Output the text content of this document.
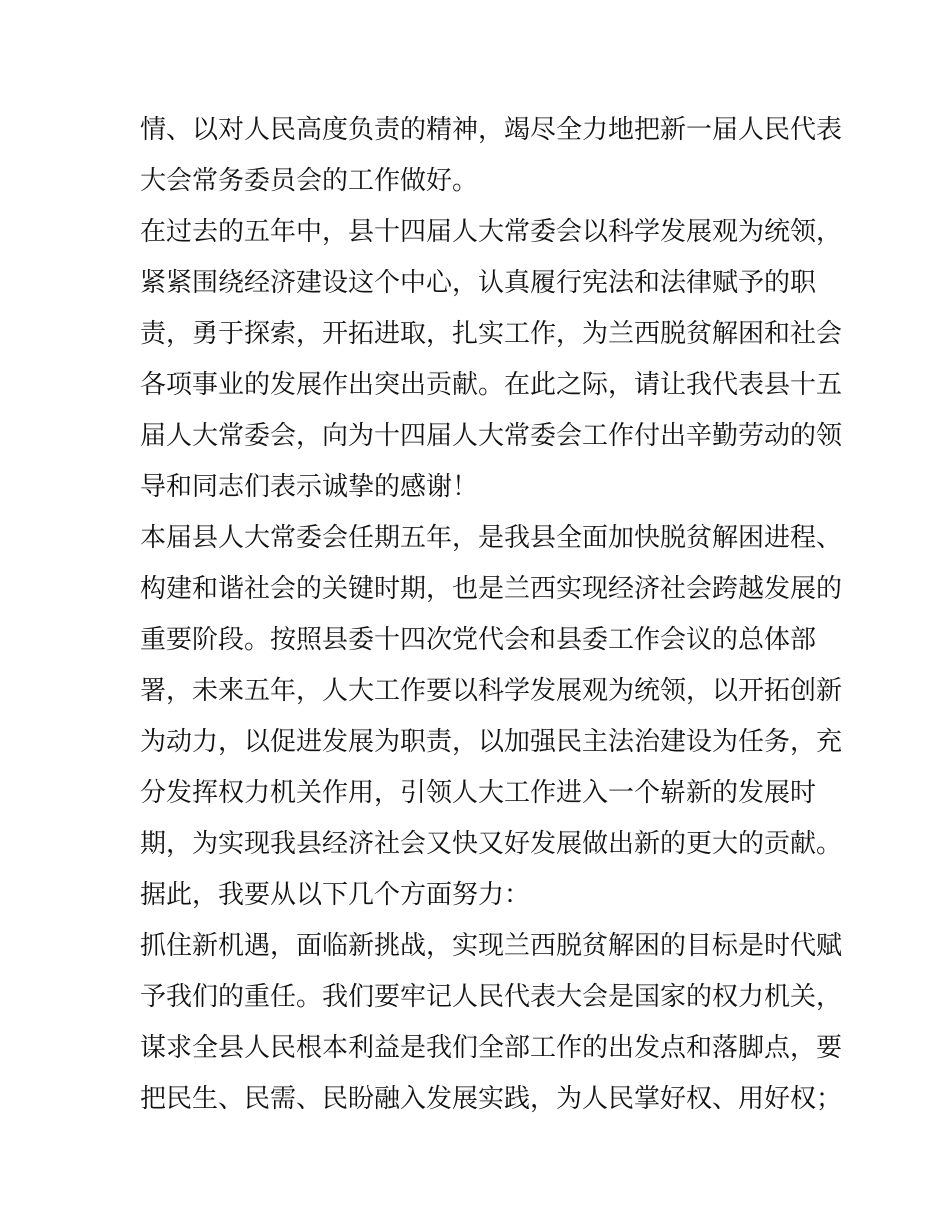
情、以对人民高度负责的精神，竭尽全力地把新一届人民代表
大会常务委员会的工作做好。
在过去的五年中，县十四届人大常委会以科学发展观为统领，
紧紧围绕经济建设这个中心，认真履行宪法和法律赋予的职
责，勇于探索，开拓进取，扎实工作，为兰西脱贫解困和社会
各项事业的发展作出突出贡献。在此之际，请让我代表县十五
届人大常委会，向为十四届人大常委会工作付出辛勤劳动的领
导和同志们表示诚挚的感谢！
本届县人大常委会任期五年，是我县全面加快脱贫解困进程、
构建和谐社会的关键时期，也是兰西实现经济社会跨越发展的
重要阶段。按照县委十四次党代会和县委工作会议的总体部
署，未来五年，人大工作要以科学发展观为统领，以开拓创新
为动力，以促进发展为职责，以加强民主法治建设为任务，充
分发挥权力机关作用，引领人大工作进入一个崭新的发展时
期，为实现我县经济社会又快又好发展做出新的更大的贡献。
据此，我要从以下几个方面努力：
抓住新机遇，面临新挑战，实现兰西脱贫解困的目标是时代赋
予我们的重任。我们要牢记人民代表大会是国家的权力机关，
谋求全县人民根本利益是我们全部工作的出发点和落脚点，要
把民生、民需、民盼融入发展实践，为人民掌好权、用好权；
